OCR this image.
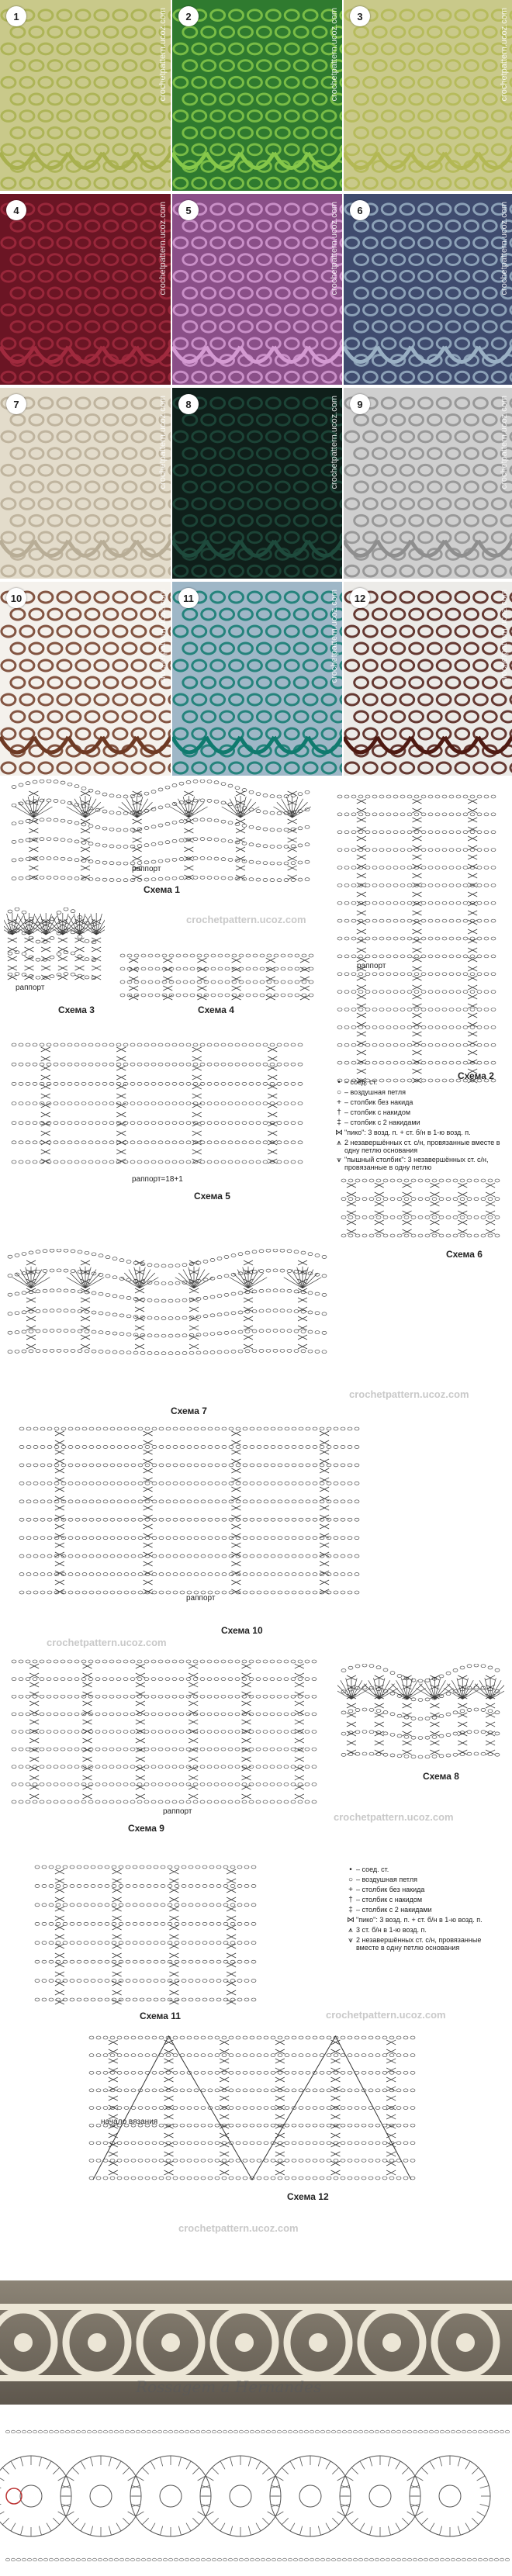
1	crochetpattern.ucoz.com	2	crochetpattern.ucoz.com	3	crochetpattern.ucoz.com
4	crochetpattern.ucoz.com	5	crochetpattern.ucoz.com	6	crochetpattern.ucoz.com
7	crochetpattern.ucoz.com	8	crochetpattern.ucoz.com	9	crochetpattern.ucoz.com
10	crochetpattern.ucoz.com	11	crochetpattern.ucoz.com	12	crochetpattern.ucoz.com
раппорт
Схема 1
раппорт
Схема 2
crochetpattern.ucoz.com
раппорт
Схема 3	Схема 4
раппорт=18+1
Схема 5
• – соед. ст.
○ – воздушная петля
+ – столбик без накида
† – столбик с накидом
‡ – столбик с 2 накидами
⋈ "пико": 3 возд. п. + ст. б/н в 1-ю возд. п.
⩚ 2 незавершённых ст. с/н, провязанные вместе в одну петлю основания
⩛ "пышный столбик": 3 незавершённых ст. с/н, провязанные в одну петлю
Схема 6
Схема 7
crochetpattern.ucoz.com
раппорт
Схема 10
crochetpattern.ucoz.com
раппорт
Схема 9
Схема 8
crochetpattern.ucoz.com
Схема 11
• – соед. ст.
○ – воздушная петля
+ – столбик без накида
† – столбик с накидом
‡ – столбик с 2 накидами
⋈ "пико": 3 возд. п. + ст. б/н в 1-ю возд. п.
⩚ 3 ст. б/н в 1-ю возд. п.
⩛ 2 незавершённых ст. с/н, провязанные вместе в одну петлю основания
crochetpattern.ucoz.com
начало вязания
Схема 12
crochetpattern.ucoz.com
Rossagem a Hernandes
